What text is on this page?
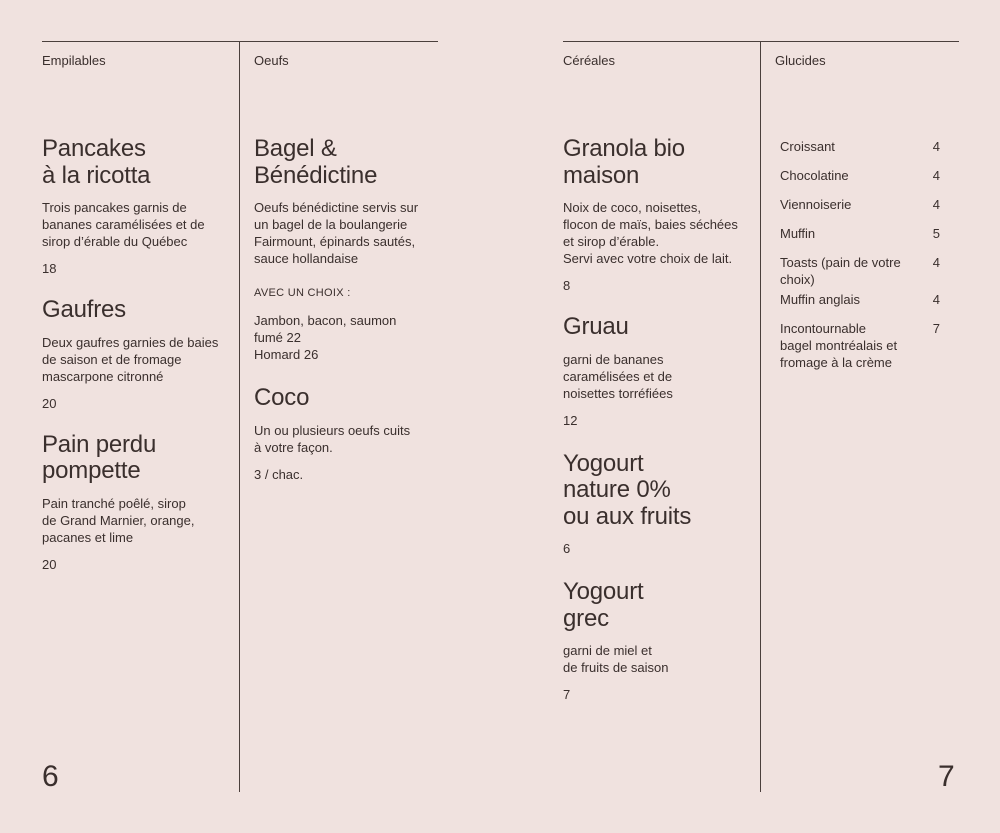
Empilables
Pancakes
à la ricotta

Trois pancakes garnis de
bananes caramélisées et de
sirop d’érable du Québec

18
Gaufres

Deux gaufres garnies de baies
de saison et de fromage
mascarpone citronné

20
Pain perdu
pompette

Pain tranché poêlé, sirop
de Grand Marnier, orange,
pacanes et lime

20
Oeufs
Bagel &
Bénédictine

Oeufs bénédictine servis sur
un bagel de la boulangerie
Fairmount, épinards sautés,
sauce hollandaise

AVEC UN CHOIX :
Jambon, bacon, saumon
fumé 22
Homard 26
Coco

Un ou plusieurs oeufs cuits
à votre façon.

3 / chac.
Céréales
Granola bio
maison

Noix de coco, noisettes,
flocon de maïs, baies séchées
et sirop d’érable.
Servi avec votre choix de lait.

8
Gruau

garni de bananes
caramélisées et de
noisettes torréfiées

12
Yogourt
nature 0%
ou aux fruits
6
Yogourt
grec

garni de miel et
de fruits de saison

7
Glucides
Croissant	4
Chocolatine	4
Viennoiserie	4
Muffin	5
Toasts (pain de votre
choix)
4
Muffin anglais	4
Incontournable
bagel montréalais et
fromage à la crème
7
6	7
